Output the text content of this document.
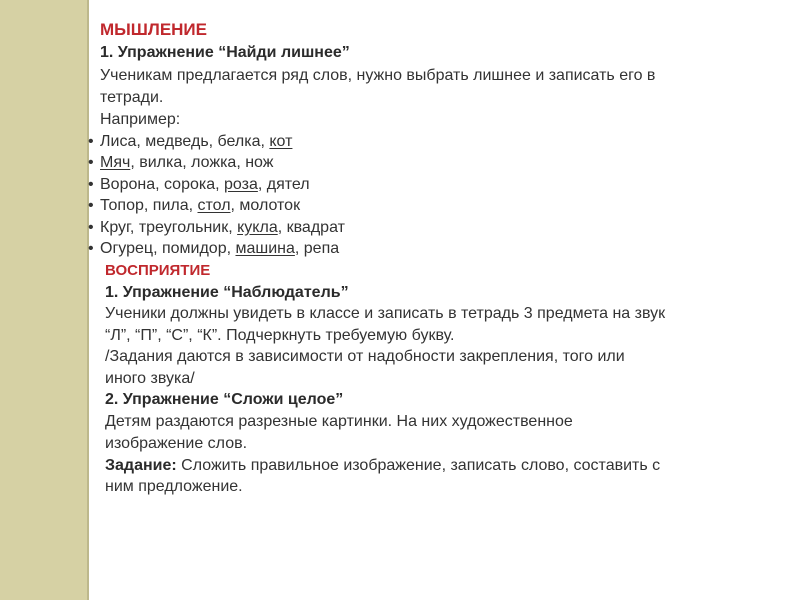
МЫШЛЕНИЕ
1. Упражнение “Найди лишнее”
Ученикам предлагается ряд слов, нужно выбрать лишнее и записать его в
тетради.
Например:
• Лиса, медведь, белка, кот
• Мяч, вилка, ложка, нож
• Ворона, сорока, роза, дятел
• Топор, пила, стол, молоток
• Круг, треугольник, кукла, квадрат
• Огурец, помидор, машина, репа
ВОСПРИЯТИЕ
1. Упражнение “Наблюдатель”
Ученики должны увидеть в классе и записать в тетрадь 3 предмета на звук
“Л”, “П”, “С”, “К”. Подчеркнуть требуемую букву.
/Задания даются в зависимости от надобности закрепления, того или
иного звука/
2. Упражнение “Сложи целое”
Детям раздаются разрезные картинки. На них художественное
изображение слов.
Задание: Сложить правильное изображение, записать слово, составить с
ним предложение.
